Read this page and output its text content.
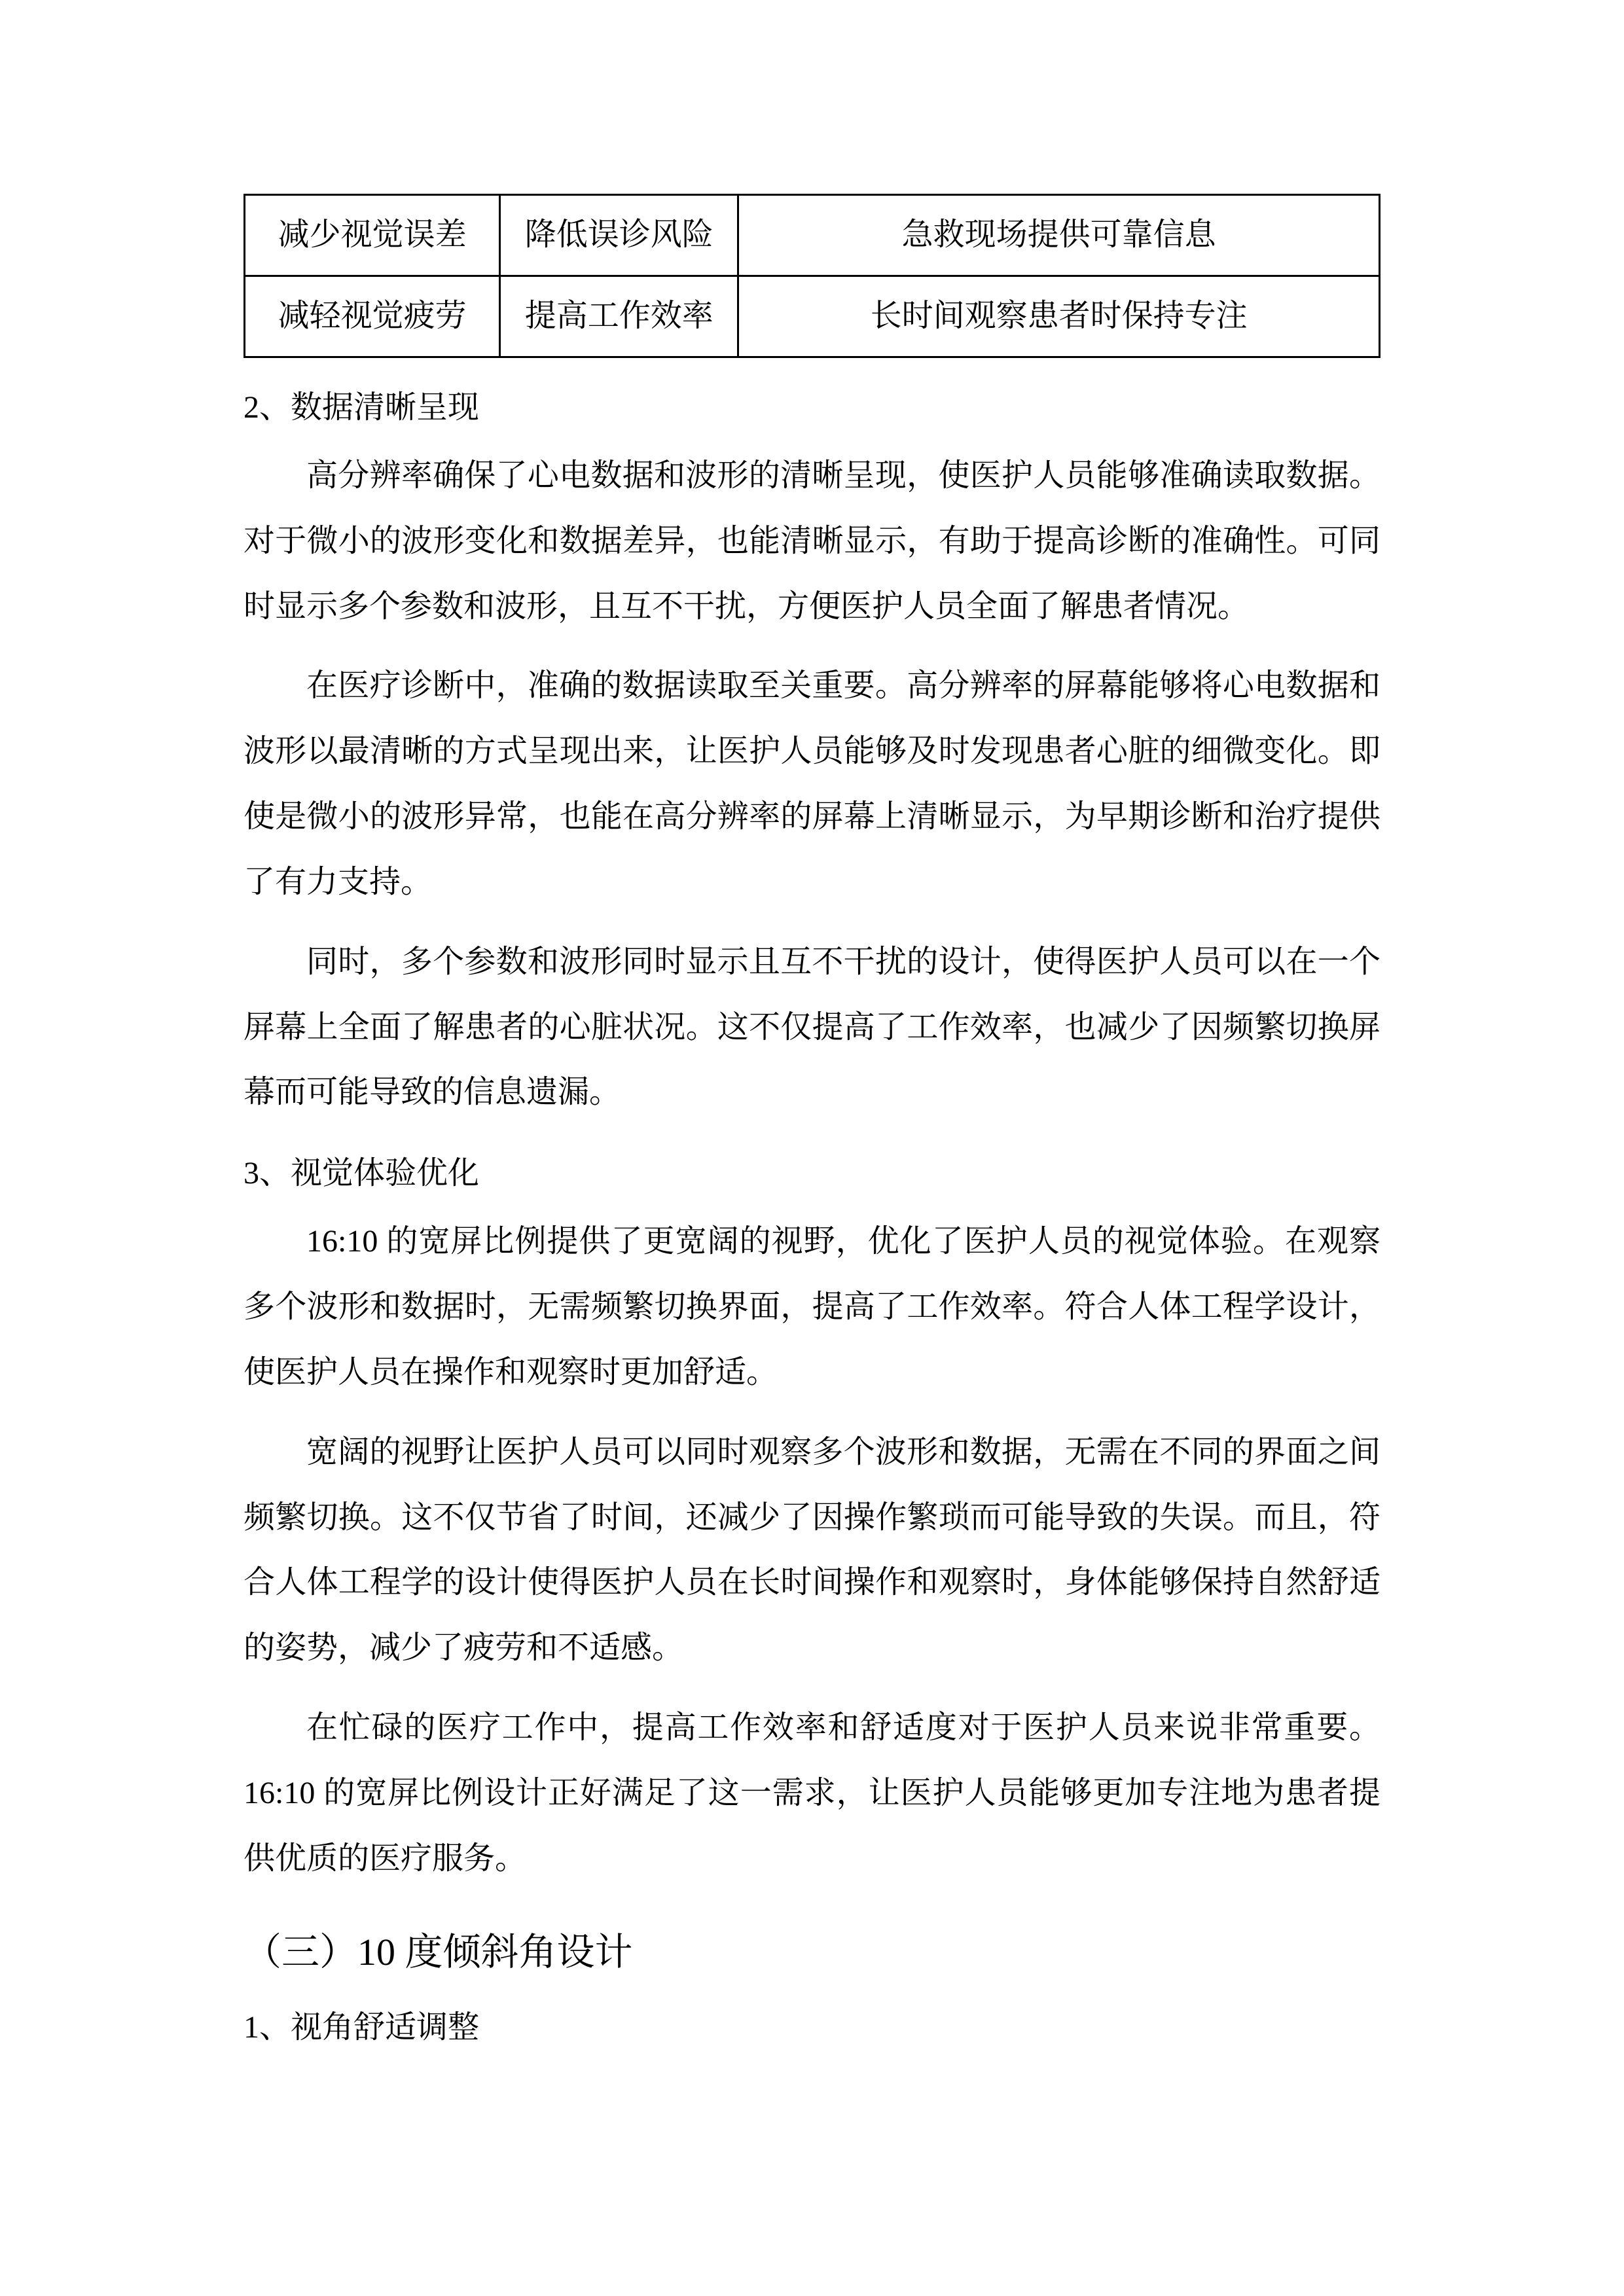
减少视觉误差	降低误诊风险	急救现场提供可靠信息
减轻视觉疲劳	提高工作效率	长时间观察患者时保持专注
2、数据清晰呈现

高分辨率确保了心电数据和波形的清晰呈现，使医护人员能够准确读取数据。对于微小的波形变化和数据差异，也能清晰显示，有助于提高诊断的准确性。可同时显示多个参数和波形，且互不干扰，方便医护人员全面了解患者情况。

在医疗诊断中，准确的数据读取至关重要。高分辨率的屏幕能够将心电数据和波形以最清晰的方式呈现出来，让医护人员能够及时发现患者心脏的细微变化。即使是微小的波形异常，也能在高分辨率的屏幕上清晰显示，为早期诊断和治疗提供了有力支持。

同时，多个参数和波形同时显示且互不干扰的设计，使得医护人员可以在一个屏幕上全面了解患者的心脏状况。这不仅提高了工作效率，也减少了因频繁切换屏幕而可能导致的信息遗漏。

3、视觉体验优化

16:10 的宽屏比例提供了更宽阔的视野，优化了医护人员的视觉体验。在观察多个波形和数据时，无需频繁切换界面，提高了工作效率。符合人体工程学设计，使医护人员在操作和观察时更加舒适。

宽阔的视野让医护人员可以同时观察多个波形和数据，无需在不同的界面之间频繁切换。这不仅节省了时间，还减少了因操作繁琐而可能导致的失误。而且，符合人体工程学的设计使得医护人员在长时间操作和观察时，身体能够保持自然舒适的姿势，减少了疲劳和不适感。

在忙碌的医疗工作中，提高工作效率和舒适度对于医护人员来说非常重要。16:10 的宽屏比例设计正好满足了这一需求，让医护人员能够更加专注地为患者提供优质的医疗服务。

（三）10 度倾斜角设计
1、视角舒适调整
